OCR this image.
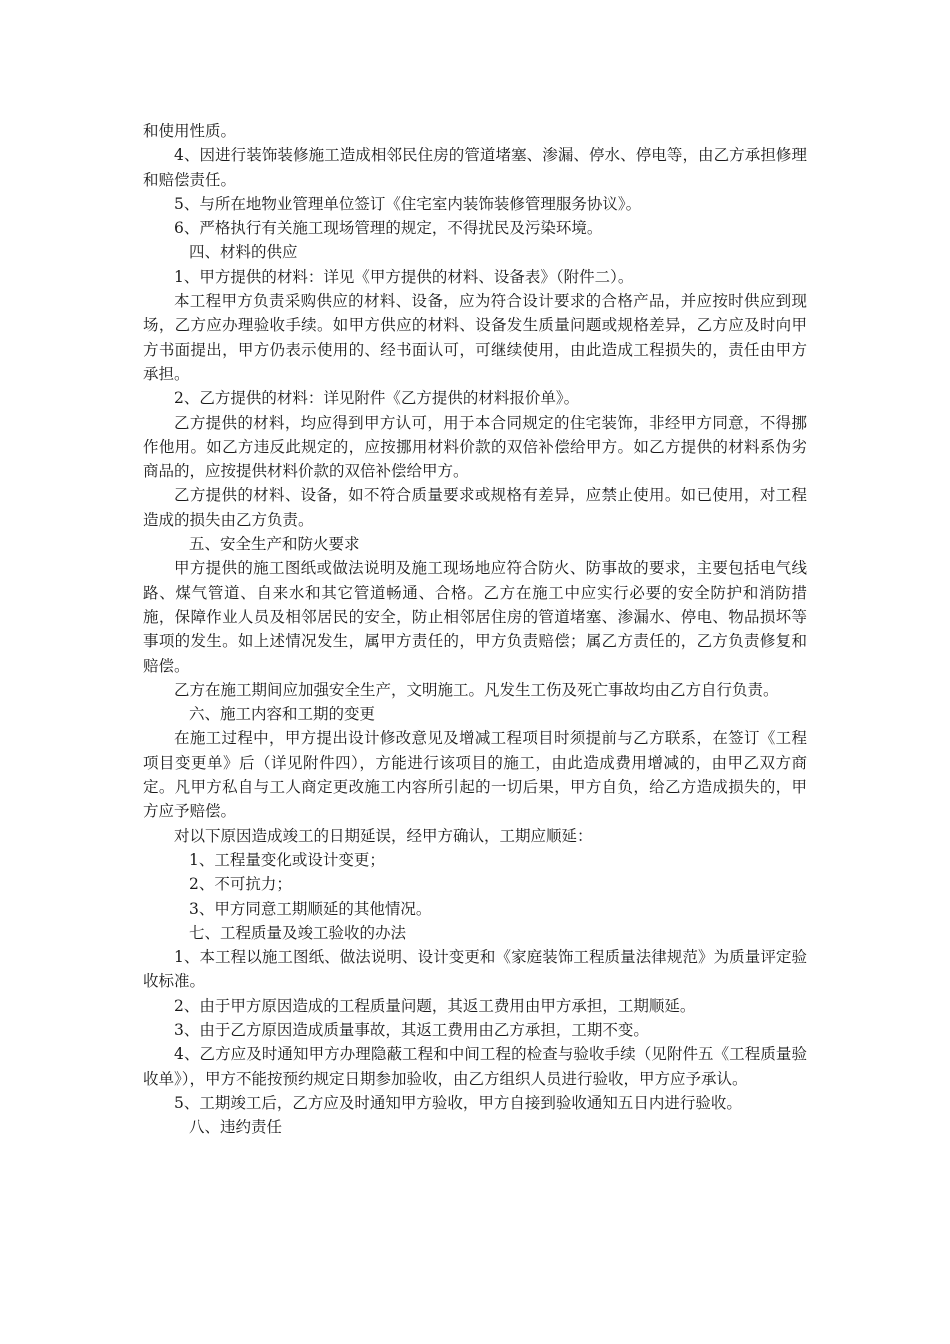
和使用性质。

4、因进行装饰装修施工造成相邻民住房的管道堵塞、渗漏、停水、停电等，由乙方承担修理和赔偿责任。

5、与所在地物业管理单位签订《住宅室内装饰装修管理服务协议》。

6、严格执行有关施工现场管理的规定，不得扰民及污染环境。

四、材料的供应

1、甲方提供的材料：详见《甲方提供的材料、设备表》（附件二）。

本工程甲方负责采购供应的材料、设备，应为符合设计要求的合格产品，并应按时供应到现场，乙方应办理验收手续。如甲方供应的材料、设备发生质量问题或规格差异，乙方应及时向甲方书面提出，甲方仍表示使用的、经书面认可，可继续使用，由此造成工程损失的，责任由甲方承担。

2、乙方提供的材料：详见附件《乙方提供的材料报价单》。

乙方提供的材料，均应得到甲方认可，用于本合同规定的住宅装饰，非经甲方同意，不得挪作他用。如乙方违反此规定的，应按挪用材料价款的双倍补偿给甲方。如乙方提供的材料系伪劣商品的，应按提供材料价款的双倍补偿给甲方。

乙方提供的材料、设备，如不符合质量要求或规格有差异，应禁止使用。如已使用，对工程造成的损失由乙方负责。

五、安全生产和防火要求

甲方提供的施工图纸或做法说明及施工现场地应符合防火、防事故的要求，主要包括电气线路、煤气管道、自来水和其它管道畅通、合格。乙方在施工中应实行必要的安全防护和消防措施，保障作业人员及相邻居民的安全，防止相邻居住房的管道堵塞、渗漏水、停电、物品损坏等事项的发生。如上述情况发生，属甲方责任的，甲方负责赔偿；属乙方责任的，乙方负责修复和赔偿。

乙方在施工期间应加强安全生产，文明施工。凡发生工伤及死亡事故均由乙方自行负责。

六、施工内容和工期的变更

在施工过程中，甲方提出设计修改意见及增减工程项目时须提前与乙方联系，在签订《工程项目变更单》后（详见附件四），方能进行该项目的施工，由此造成费用增减的，由甲乙双方商定。凡甲方私自与工人商定更改施工内容所引起的一切后果，甲方自负，给乙方造成损失的，甲方应予赔偿。

对以下原因造成竣工的日期延误，经甲方确认，工期应顺延：

1、工程量变化或设计变更；

2、不可抗力；

3、甲方同意工期顺延的其他情况。

七、工程质量及竣工验收的办法

1、本工程以施工图纸、做法说明、设计变更和《家庭装饰工程质量法律规范》为质量评定验收标准。

2、由于甲方原因造成的工程质量问题，其返工费用由甲方承担，工期顺延。

3、由于乙方原因造成质量事故，其返工费用由乙方承担，工期不变。

4、乙方应及时通知甲方办理隐蔽工程和中间工程的检查与验收手续（见附件五《工程质量验收单》），甲方不能按预约规定日期参加验收，由乙方组织人员进行验收，甲方应予承认。

5、工期竣工后，乙方应及时通知甲方验收，甲方自接到验收通知五日内进行验收。

八、违约责任
